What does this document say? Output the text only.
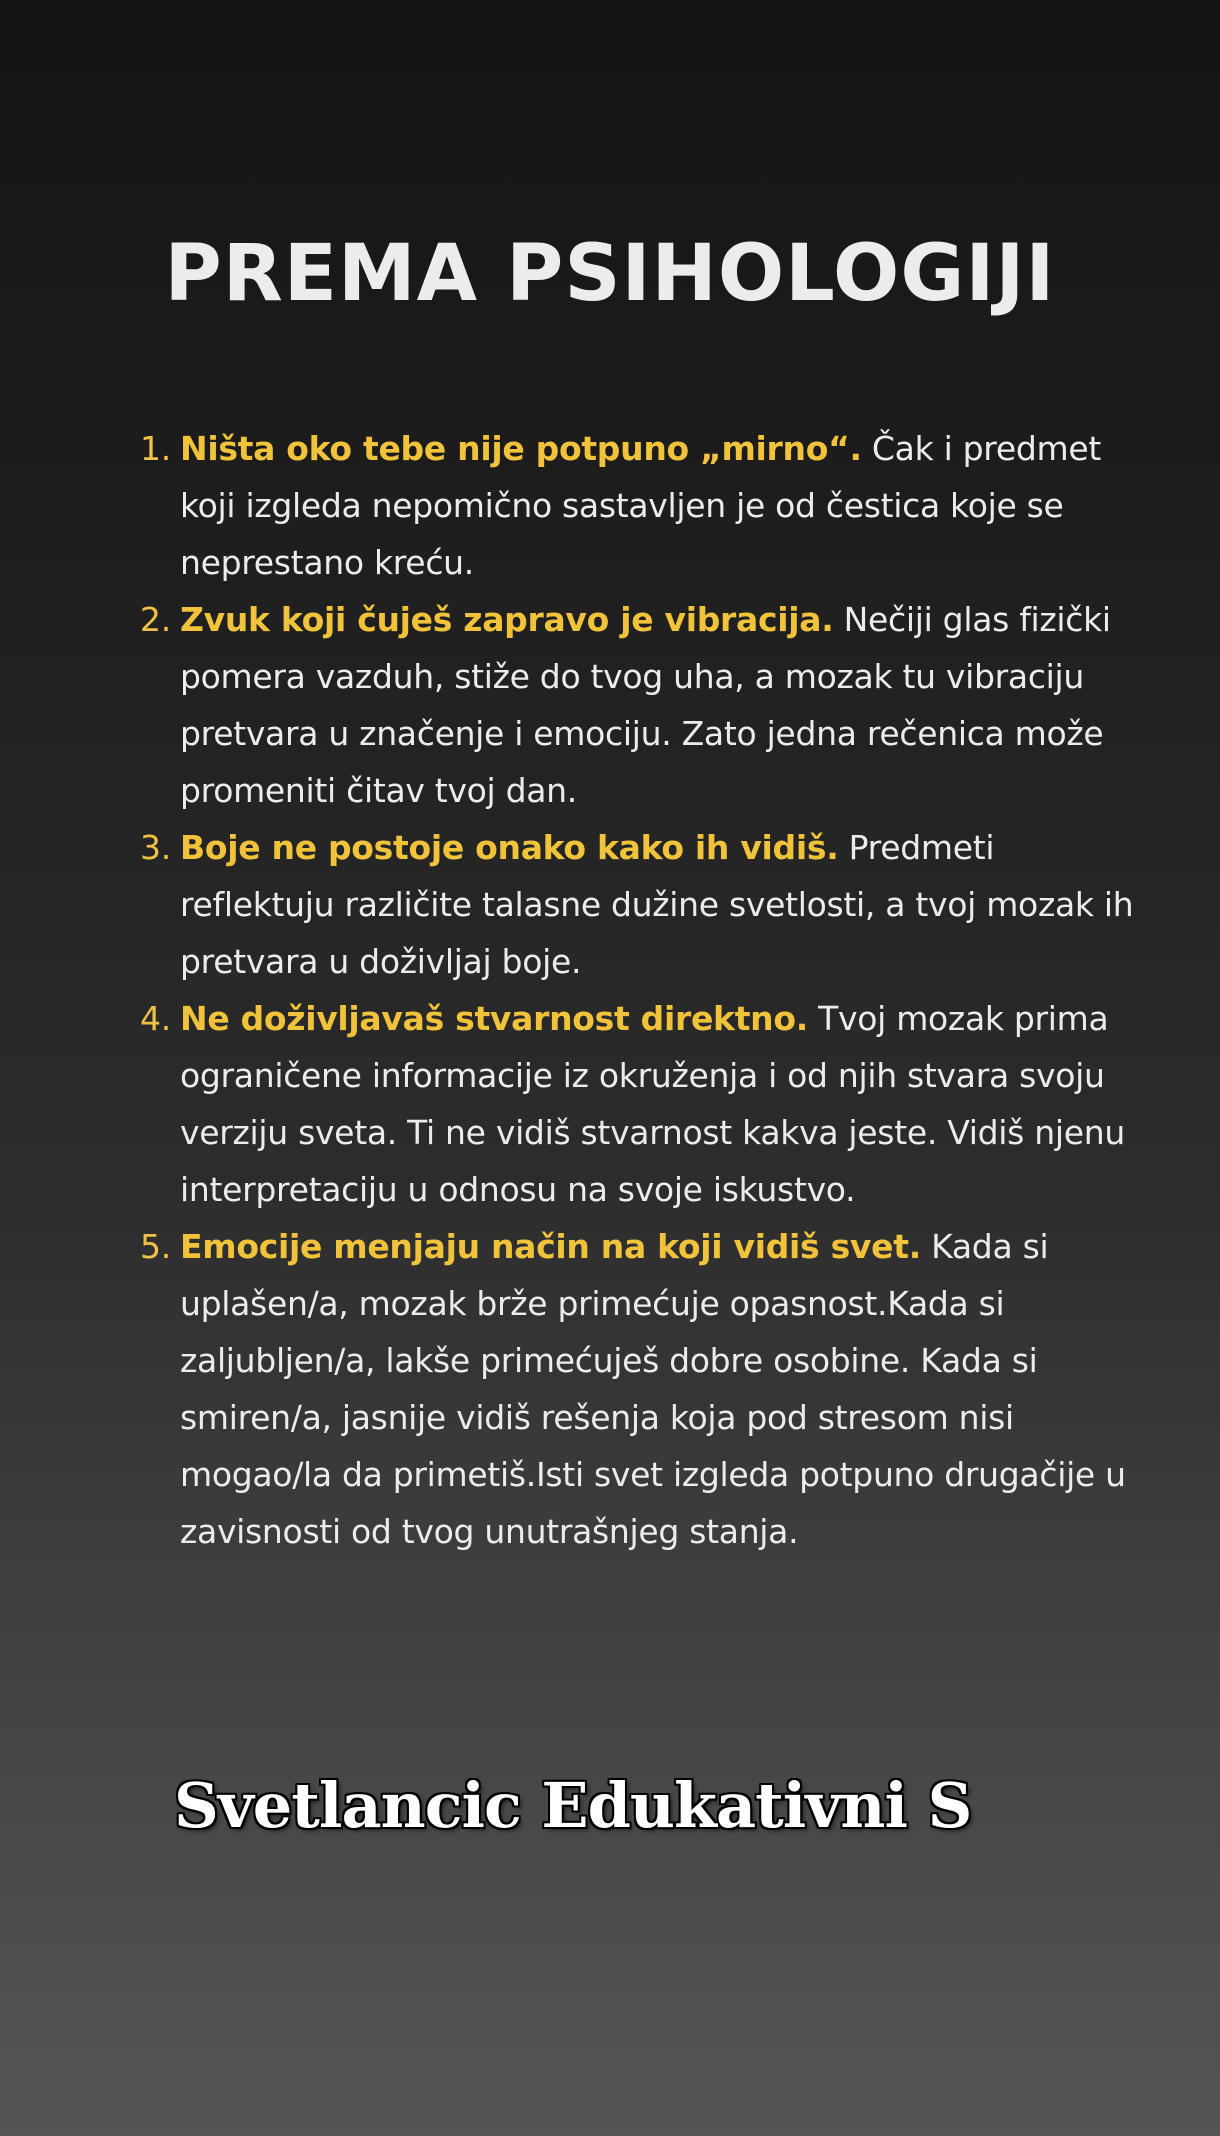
PREMA PSIHOLOGIJI
1. Ništa oko tebe nije potpuno „mirno“. Čak i predmet koji izgleda nepomično sastavljen je od čestica koje se neprestano kreću.
2. Zvuk koji čuješ zapravo je vibracija. Nečiji glas fizički pomera vazduh, stiže do tvog uha, a mozak tu vibraciju pretvara u značenje i emociju. Zato jedna rečenica može promeniti čitav tvoj dan.
3. Boje ne postoje onako kako ih vidiš. Predmeti reflektuju različite talasne dužine svetlosti, a tvoj mozak ih pretvara u doživljaj boje.
4. Ne doživljavaš stvarnost direktno. Tvoj mozak prima ograničene informacije iz okruženja i od njih stvara svoju verziju sveta. Ti ne vidiš stvarnost kakva jeste. Vidiš njenu interpretaciju u odnosu na svoje iskustvo.
5. Emocije menjaju način na koji vidiš svet. Kada si uplašen/a, mozak brže primećuje opasnost.Kada si zaljubljen/a, lakše primećuješ dobre osobine. Kada si smiren/a, jasnije vidiš rešenja koja pod stresom nisi mogao/la da primetiš.Isti svet izgleda potpuno drugačije u zavisnosti od tvog unutrašnjeg stanja.
Svetlancic Edukativni S
